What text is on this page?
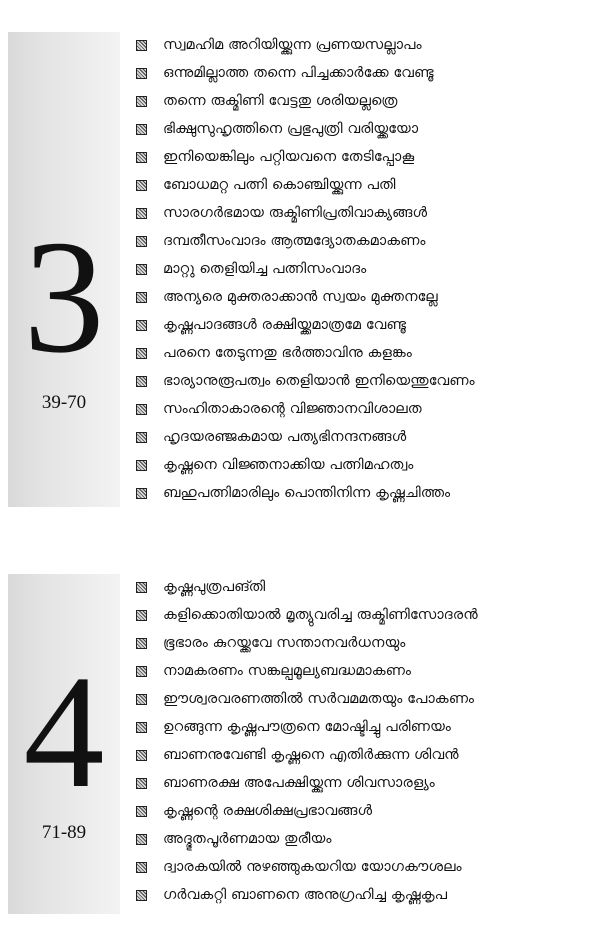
3
39-70
സ്വമഹിമ അറിയിയ്ക്കുന്ന പ്രണയസല്ലാപം
ഒന്നുമില്ലാത്ത തന്നെ പിച്ചക്കാർക്കേ വേണ്ടൂ
തന്നെ രുക്മിണി വേട്ടതു ശരിയല്ലത്രെ
ഭിക്ഷുസുഹൃത്തിനെ പ്രഭുപുത്രി വരിയ്ക്കയോ
ഇനിയെങ്കിലും പറ്റിയവനെ തേടിപ്പോകൂ
ബോധമറ്റ പത്നി കൊഞ്ചിയ്ക്കുന്ന പതി
സാരഗർഭമായ രുക്മിണിപ്രതിവാക്യങ്ങൾ
ദമ്പതീസംവാദം ആത്മദ്യോതകമാകണം
മാറ്റു തെളിയിച്ച പത്നിസംവാദം
അന്യരെ മുക്തരാക്കാൻ സ്വയം മുക്തനല്ലേ
കൃഷ്ണപാദങ്ങൾ രക്ഷിയ്ക്കമാത്രമേ വേണ്ടൂ
പരനെ തേടുന്നതു ഭർത്താവിനു കളങ്കം
ഭാര്യാനുരൂപത്വം തെളിയാൻ ഇനിയെന്തുവേണം
സംഹിതാകാരന്റെ വിജ്ഞാനവിശാലത
ഹൃദയരഞ്ജകമായ പത്യഭിനന്ദനങ്ങൾ
കൃഷ്ണനെ വിജ്ഞനാക്കിയ പത്നിമഹത്വം
ബഹുപത്നിമാരിലും പൊന്തിനിന്ന കൃഷ്ണചിത്തം
4
71-89
കൃഷ്ണപുത്രപങ്തി
കളിക്കൊതിയാൽ മൃത്യുവരിച്ച രുക്മിണിസോദരൻ
ഭൂഭാരം കുറയ്ക്കവേ സന്താനവർധനയും
നാമകരണം സങ്കല്പമൂല്യബദ്ധമാകണം
ഈശ്വരവരണത്തിൽ സർവമമതയും പോകണം
ഉറങ്ങുന്ന കൃഷ്ണപൗത്രനെ മോഷ്ടിച്ചു പരിണയം
ബാണനുവേണ്ടി കൃഷ്ണനെ എതിർക്കുന്ന ശിവൻ
ബാണരക്ഷ അപേക്ഷിയ്ക്കുന്ന ശിവസാരള്യം
കൃഷ്ണന്റെ രക്ഷശിക്ഷപ്രഭാവങ്ങൾ
അദ്ഭുതപൂർണമായ തുരീയം
ദ്വാരകയിൽ നുഴഞ്ഞുകയറിയ യോഗകൗശലം
ഗർവകറ്റി ബാണനെ അനുഗ്രഹിച്ച കൃഷ്ണകൃപ
